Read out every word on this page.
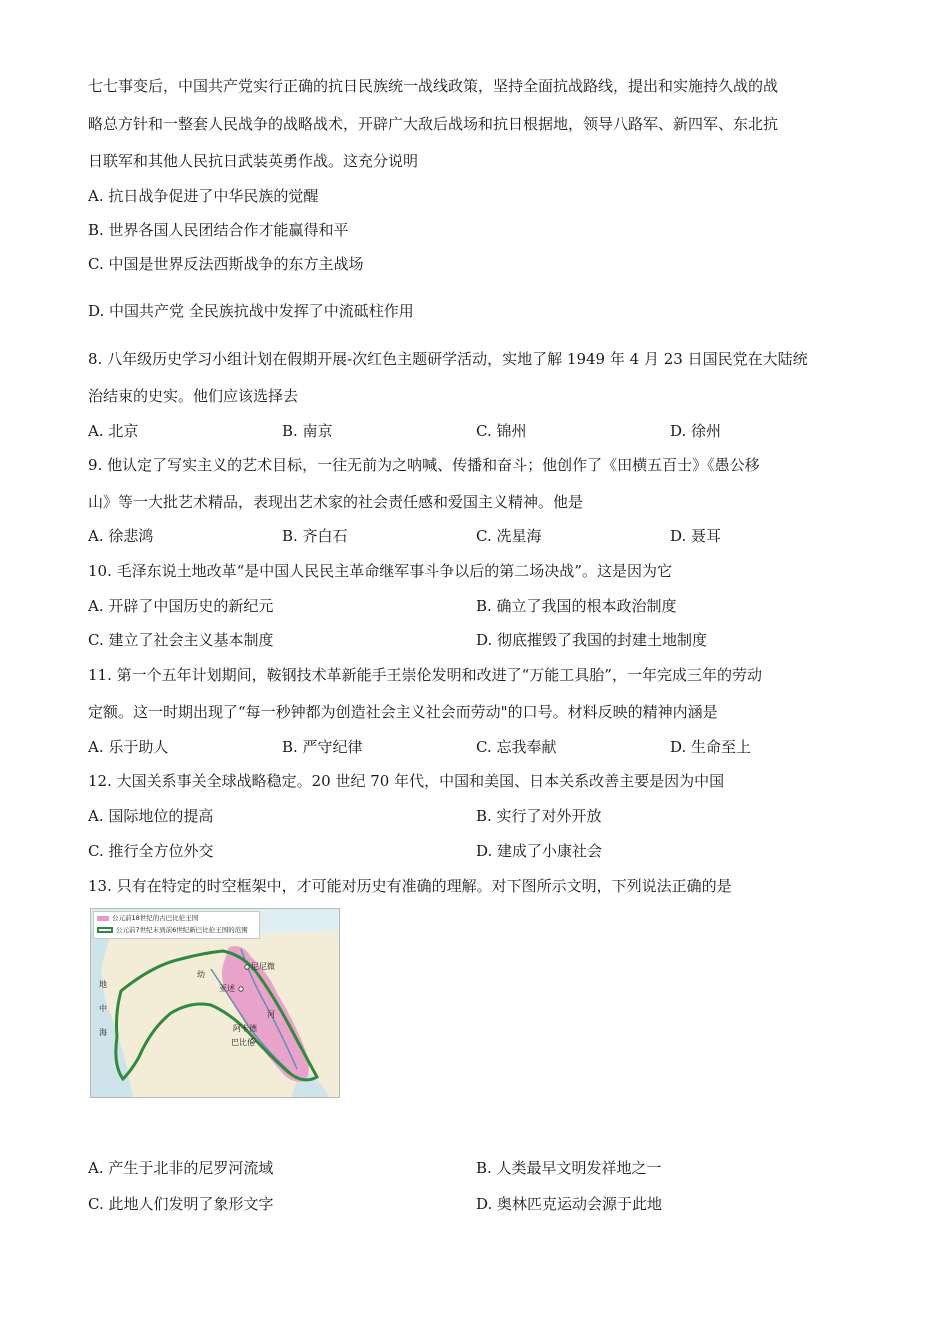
七七事变后，中国共产党实行正确的抗日民族统一战线政策，坚持全面抗战路线，提出和实施持久战的战
略总方针和一整套人民战争的战略战术，开辟广大敌后战场和抗日根据地，领导八路军、新四军、东北抗
日联军和其他人民抗日武装英勇作战。这充分说明
A. 抗日战争促进了中华民族的觉醒
B. 世界各国人民团结合作才能赢得和平
C. 中国是世界反法西斯战争的东方主战场
D. 中国共产党 全民族抗战中发挥了中流砥柱作用
8. 八年级历史学习小组计划在假期开展-次红色主题研学活动，实地了解 1949 年 4 月 23 日国民党在大陆统
治结束的史实。他们应该选择去
A. 北京	B. 南京	C. 锦州	D. 徐州
9. 他认定了写实主义的艺术目标，一往无前为之呐喊、传播和奋斗；他创作了《田横五百士》《愚公移
山》等一大批艺术精品，表现出艺术家的社会责任感和爱国主义精神。他是
A. 徐悲鸿	B. 齐白石	C. 冼星海	D. 聂耳
10. 毛泽东说土地改革“是中国人民民主革命继军事斗争以后的第二场决战”。这是因为它
A. 开辟了中国历史的新纪元	B. 确立了我国的根本政治制度
C. 建立了社会主义基本制度	D. 彻底摧毁了我国的封建土地制度
11. 第一个五年计划期间，鞍钢技术革新能手王崇伦发明和改进了“万能工具胎”，一年完成三年的劳动
定额。这一时期出现了“每一秒钟都为创造社会主义社会而劳动"的口号。材料反映的精神内涵是
A. 乐于助人	B. 严守纪律	C. 忘我奉献	D. 生命至上
12. 大国关系事关全球战略稳定。20 世纪 70 年代，中国和美国、日本关系改善主要是因为中国
A. 国际地位的提高	B. 实行了对外开放
C. 推行全方位外交	D. 建成了小康社会
13. 只有在特定的时空框架中，才可能对历史有准确的理解。对下图所示文明，下列说法正确的是
公元前18世纪的古巴比伦王国
公元前7世纪末到前6世纪新巴比伦王国的范围
尼尼微
亚述
阿卡德
巴比伦
地
中
海
幼
河
A. 产生于北非的尼罗河流域	B. 人类最早文明发祥地之一
C. 此地人们发明了象形文字	D. 奥林匹克运动会源于此地
